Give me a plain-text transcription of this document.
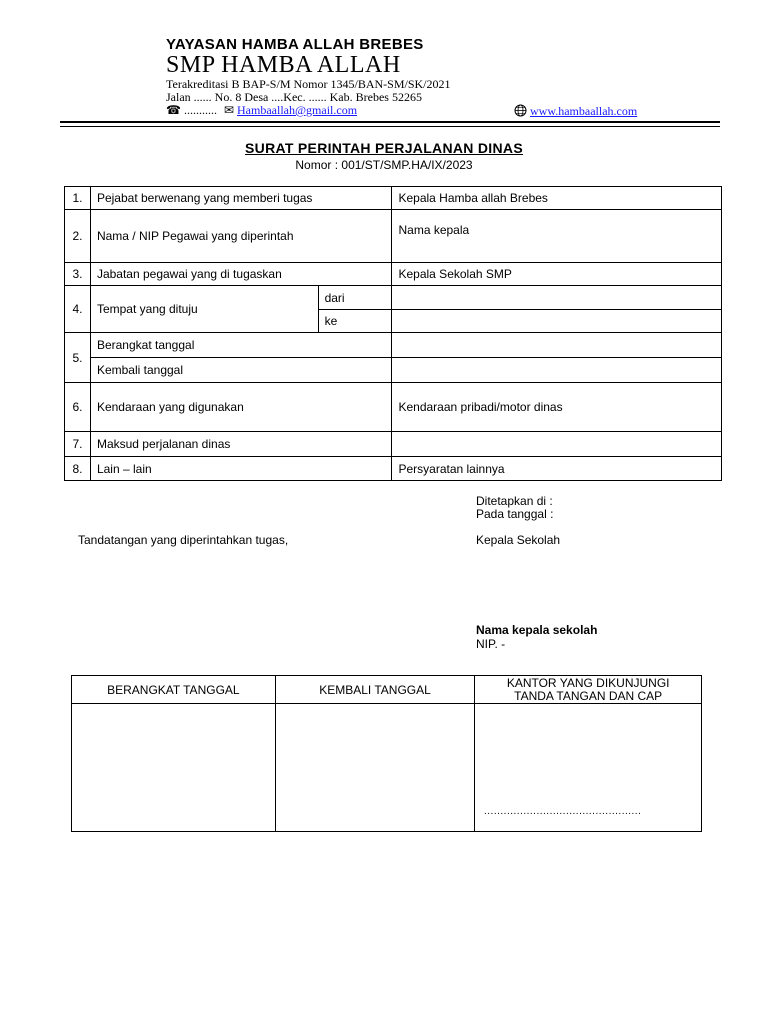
YAYASAN HAMBA ALLAH BREBES
SMP HAMBA ALLAH
Terakreditasi B BAP-S/M Nomor 1345/BAN-SM/SK/2021
Jalan ...... No. 8 Desa ....Kec. ...... Kab. Brebes 52265
☎ ........... ✉ Hambaallah@gmail.com	www.hambaallah.com
SURAT PERINTAH PERJALANAN DINAS
Nomor : 001/ST/SMP.HA/IX/2023
1.	Pejabat berwenang yang memberi tugas		Kepala Hamba allah Brebes
2.	Nama / NIP Pegawai yang diperintah		Nama kepala
3.	Jabatan pegawai yang di tugaskan		Kepala Sekolah SMP
4.	Tempat yang dituju	dari	
		ke	
5.	Berangkat tanggal		
	Kembali tanggal		
6.	Kendaraan yang digunakan		Kendaraan pribadi/motor dinas
7.	Maksud perjalanan dinas		
8.	Lain – lain		Persyaratan lainnya
Ditetapkan di :
Pada tanggal :
Tandatangan yang diperintahkan tugas,	Kepala Sekolah
Nama kepala sekolah
NIP. -
BERANGKAT TANGGAL	KEMBALI TANGGAL	KANTOR YANG DIKUNJUNGI
TANDA TANGAN DAN CAP

................................................
